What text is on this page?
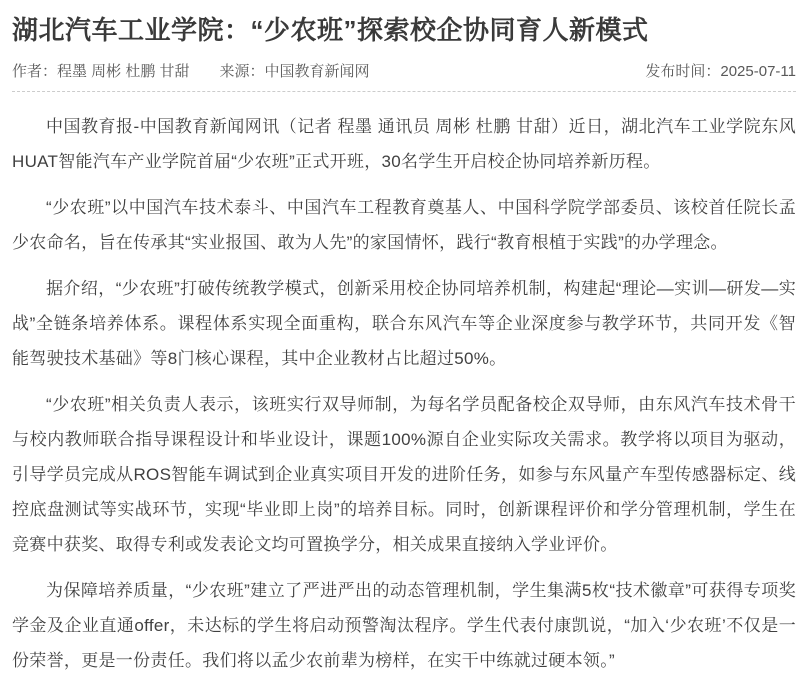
湖北汽车工业学院：“少农班”探索校企协同育人新模式
作者：程墨 周彬 杜鹏 甘甜 来源：中国教育新闻网	发布时间：2025-07-11

中国教育报-中国教育新闻网讯（记者 程墨 通讯员 周彬 杜鹏 甘甜）近日，湖北汽车工业学院东风HUAT智能汽车产业学院首届“少农班”正式开班，30名学生开启校企协同培养新历程。

“少农班”以中国汽车技术泰斗、中国汽车工程教育奠基人、中国科学院学部委员、该校首任院长孟少农命名，旨在传承其“实业报国、敢为人先”的家国情怀，践行“教育根植于实践”的办学理念。

据介绍，“少农班”打破传统教学模式，创新采用校企协同培养机制，构建起“理论—实训—研发—实战”全链条培养体系。课程体系实现全面重构，联合东风汽车等企业深度参与教学环节，共同开发《智能驾驶技术基础》等8门核心课程，其中企业教材占比超过50%。

“少农班”相关负责人表示，该班实行双导师制，为每名学员配备校企双导师，由东风汽车技术骨干与校内教师联合指导课程设计和毕业设计，课题100%源自企业实际攻关需求。教学将以项目为驱动，引导学员完成从ROS智能车调试到企业真实项目开发的进阶任务，如参与东风量产车型传感器标定、线控底盘测试等实战环节，实现“毕业即上岗”的培养目标。同时，创新课程评价和学分管理机制，学生在竞赛中获奖、取得专利或发表论文均可置换学分，相关成果直接纳入学业评价。

为保障培养质量，“少农班”建立了严进严出的动态管理机制，学生集满5枚“技术徽章”可获得专项奖学金及企业直通offer，未达标的学生将启动预警淘汰程序。学生代表付康凯说，“加入‘少农班’不仅是一份荣誉，更是一份责任。我们将以孟少农前辈为榜样，在实干中练就过硬本领。”
